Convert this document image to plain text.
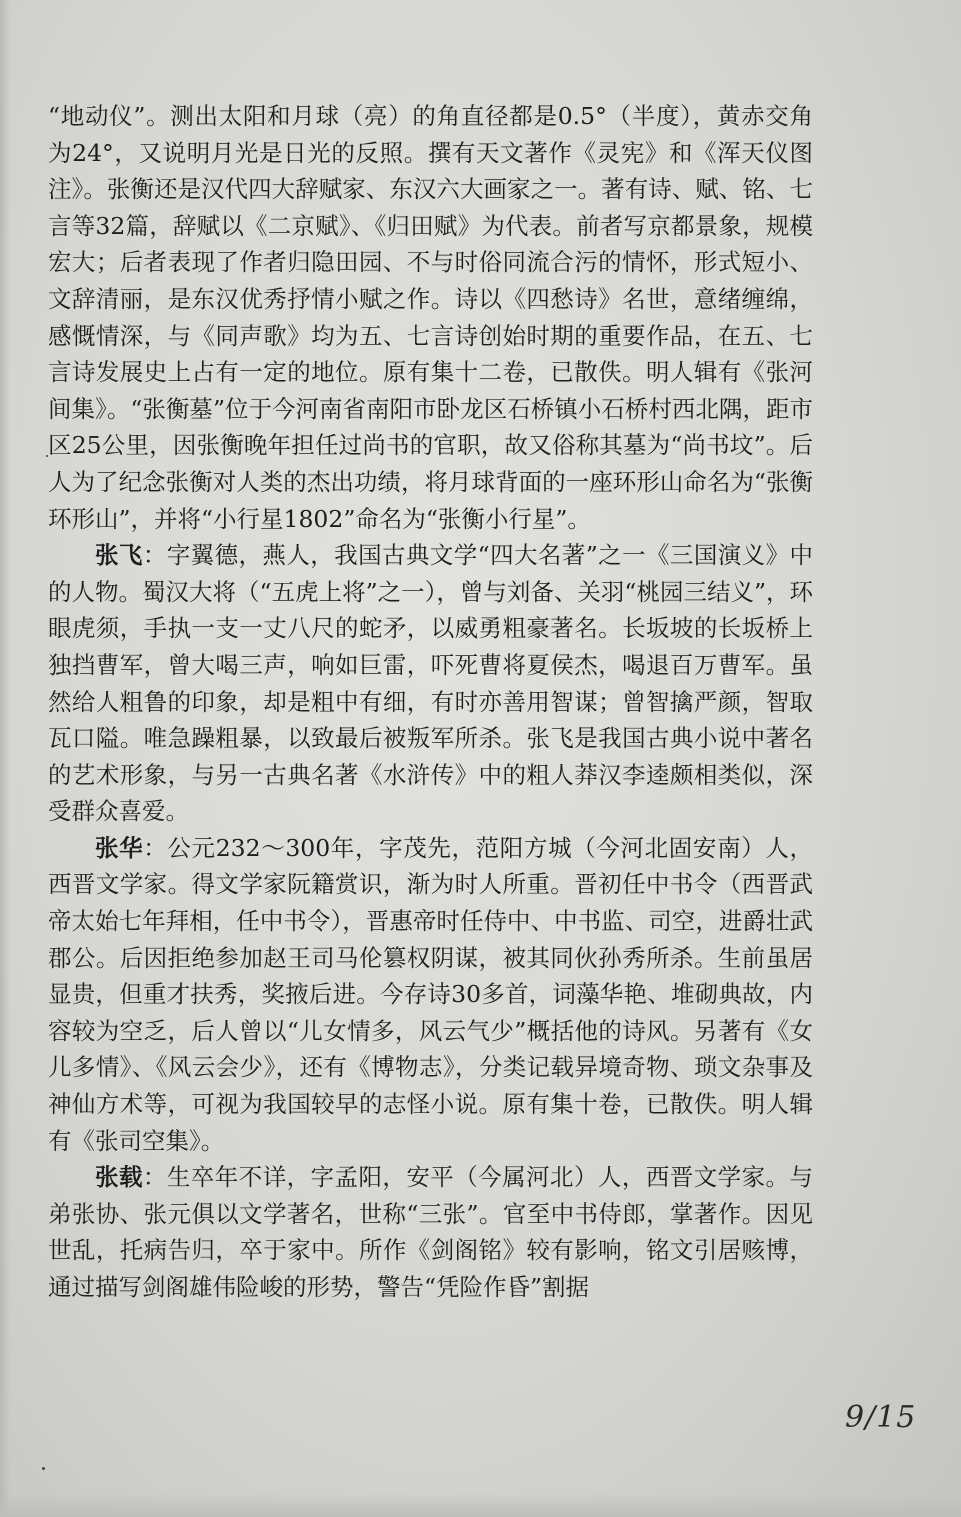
“地动仪”。测出太阳和月球（亮）的角直径都是0.5°（半度），黄赤交角为24°，又说明月光是日光的反照。撰有天文著作《灵宪》和《浑天仪图注》。张衡还是汉代四大辞赋家、东汉六大画家之一。著有诗、赋、铭、七言等32篇，辞赋以《二京赋》、《归田赋》为代表。前者写京都景象，规模宏大；后者表现了作者归隐田园、不与时俗同流合污的情怀，形式短小、文辞清丽，是东汉优秀抒情小赋之作。诗以《四愁诗》名世，意绪缠绵，感慨情深，与《同声歌》均为五、七言诗创始时期的重要作品，在五、七言诗发展史上占有一定的地位。原有集十二卷，已散佚。明人辑有《张河间集》。“张衡墓”位于今河南省南阳市卧龙区石桥镇小石桥村西北隅，距市区25公里，因张衡晚年担任过尚书的官职，故又俗称其墓为“尚书坟”。后人为了纪念张衡对人类的杰出功绩，将月球背面的一座环形山命名为“张衡环形山”，并将“小行星1802”命名为“张衡小行星”。

张飞：字翼德，燕人，我国古典文学“四大名著”之一《三国演义》中的人物。蜀汉大将（“五虎上将”之一），曾与刘备、关羽“桃园三结义”，环眼虎须，手执一支一丈八尺的蛇矛，以威勇粗豪著名。长坂坡的长坂桥上独挡曹军，曾大喝三声，响如巨雷，吓死曹将夏侯杰，喝退百万曹军。虽然给人粗鲁的印象，却是粗中有细，有时亦善用智谋；曾智擒严颜，智取瓦口隘。唯急躁粗暴，以致最后被叛军所杀。张飞是我国古典小说中著名的艺术形象，与另一古典名著《水浒传》中的粗人莽汉李逵颇相类似，深受群众喜爱。

张华：公元232～300年，字茂先，范阳方城（今河北固安南）人，西晋文学家。得文学家阮籍赏识，渐为时人所重。晋初任中书令（西晋武帝太始七年拜相，任中书令），晋惠帝时任侍中、中书监、司空，进爵壮武郡公。后因拒绝参加赵王司马伦篡权阴谋，被其同伙孙秀所杀。生前虽居显贵，但重才扶秀，奖掖后进。今存诗30多首，词藻华艳、堆砌典故，内容较为空乏，后人曾以“儿女情多，风云气少”概括他的诗风。另著有《女儿多情》、《风云会少》，还有《博物志》，分类记载异境奇物、琐文杂事及神仙方术等，可视为我国较早的志怪小说。原有集十卷，已散佚。明人辑有《张司空集》。

张载：生卒年不详，字孟阳，安平（今属河北）人，西晋文学家。与弟张协、张元俱以文学著名，世称“三张”。官至中书侍郎，掌著作。因见世乱，托病告归，卒于家中。所作《剑阁铭》较有影响，铭文引居赅博，通过描写剑阁雄伟险峻的形势，警告“凭险作昏”割据

9/15
